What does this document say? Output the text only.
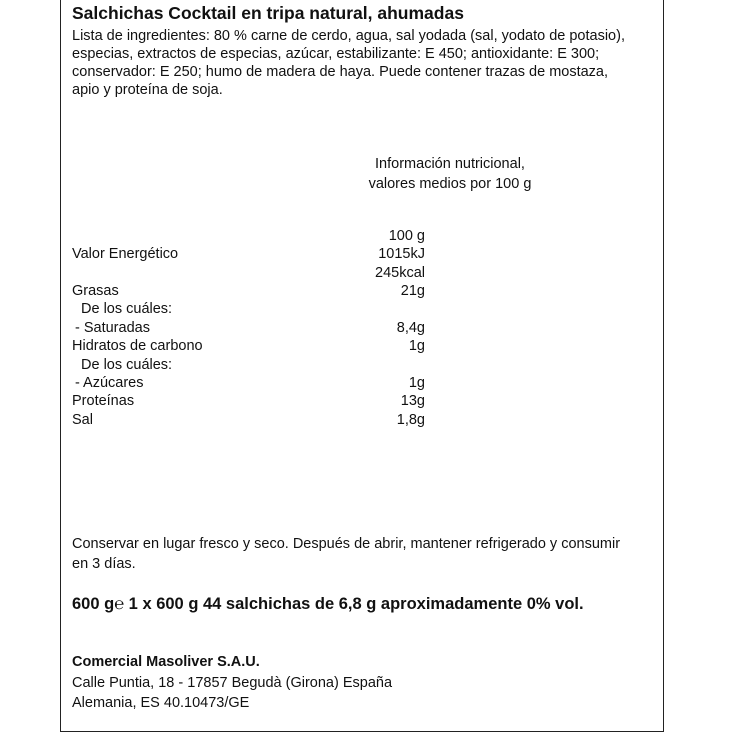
Salchichas Cocktail en tripa natural, ahumadas
Lista de ingredientes: 80 % carne de cerdo, agua, sal yodada (sal, yodato de potasio), especias, extractos de especias, azúcar, estabilizante: E 450; antioxidante: E 300; conservador: E 250; humo de madera de haya. Puede contener trazas de mostaza, apio y proteína de soja.
Información nutricional,
valores medios por 100 g
100 g
Valor Energético	1015kJ
245kcal
Grasas	21g
De los cuáles:
- Saturadas	8,4g
Hidratos de carbono	1g
De los cuáles:
- Azúcares	1g
Proteínas	13g
Sal	1,8g
Conservar en lugar fresco y seco. Después de abrir, mantener refrigerado y consumir en 3 días.
600 g℮ 1 x 600 g 44 salchichas de 6,8 g aproximadamente 0% vol.
Comercial Masoliver S.A.U.
Calle Puntia, 18 - 17857 Begudà (Girona) España
Alemania, ES 40.10473/GE
